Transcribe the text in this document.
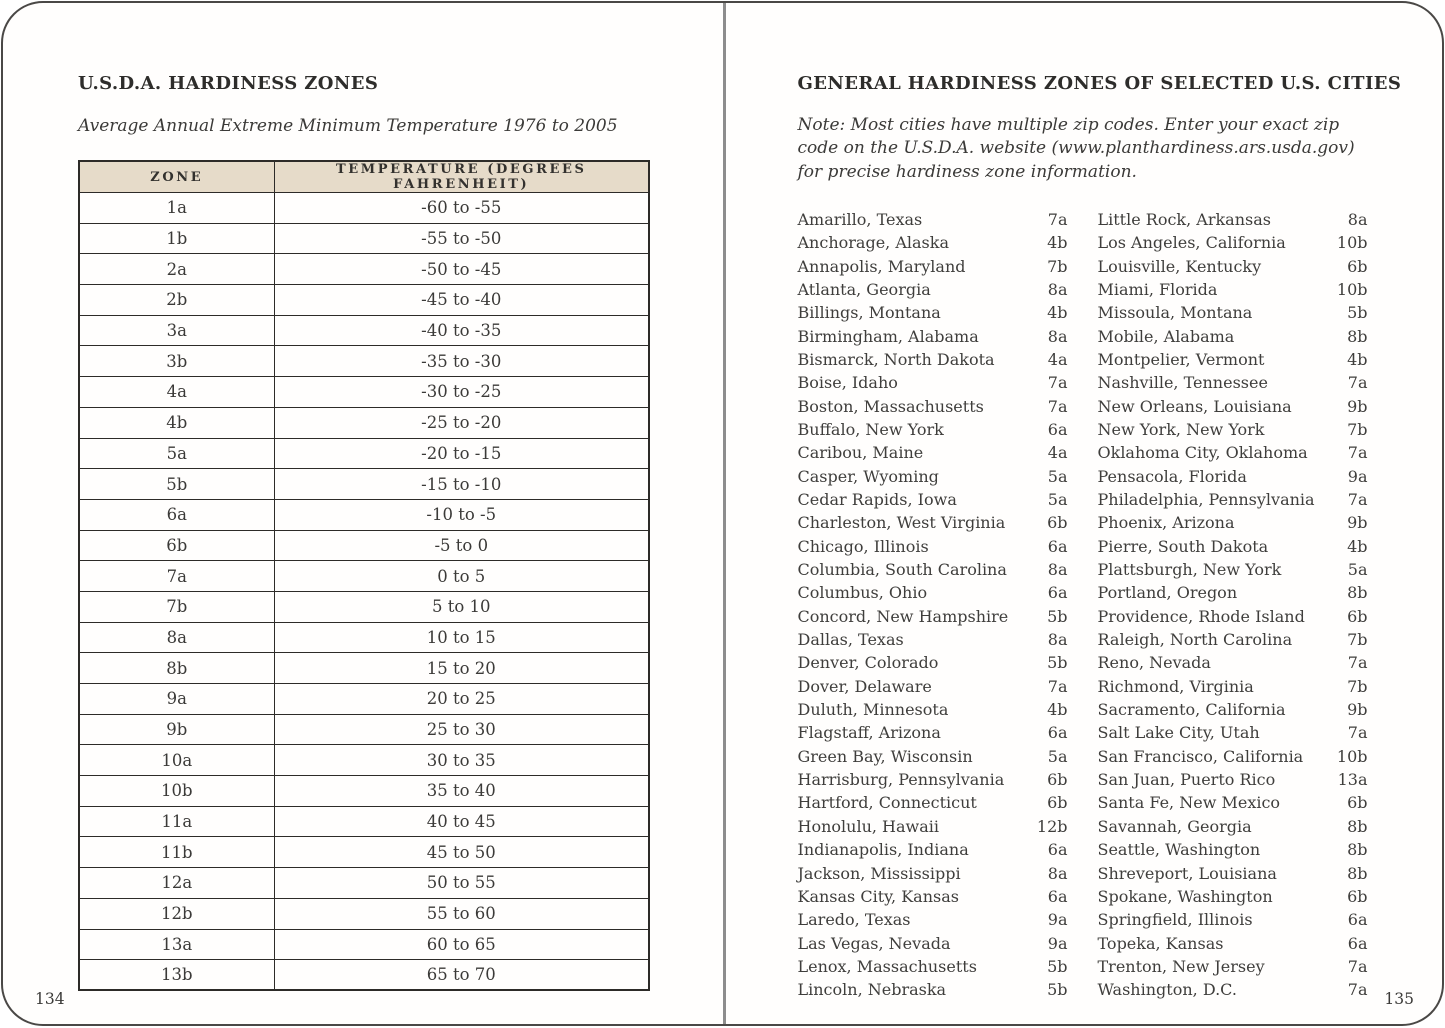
U.S.D.A. HARDINESS ZONES

Average Annual Extreme Minimum Temperature 1976 to 2005

ZONE	TEMPERATURE (DEGREES FAHRENHEIT)
1a	-60 to -55
1b	-55 to -50
2a	-50 to -45
2b	-45 to -40
3a	-40 to -35
3b	-35 to -30
4a	-30 to -25
4b	-25 to -20
5a	-20 to -15
5b	-15 to -10
6a	-10 to -5
6b	-5 to 0
7a	0 to 5
7b	5 to 10
8a	10 to 15
8b	15 to 20
9a	20 to 25
9b	25 to 30
10a	30 to 35
10b	35 to 40
11a	40 to 45
11b	45 to 50
12a	50 to 55
12b	55 to 60
13a	60 to 65
13b	65 to 70
134
GENERAL HARDINESS ZONES OF SELECTED U.S. CITIES

Note: Most cities have multiple zip codes. Enter your exact zip code on the U.S.D.A. website (www.planthardiness.ars.usda.gov) for precise hardiness zone information.

Amarillo, Texas	7a
Anchorage, Alaska	4b
Annapolis, Maryland	7b
Atlanta, Georgia	8a
Billings, Montana	4b
Birmingham, Alabama	8a
Bismarck, North Dakota	4a
Boise, Idaho	7a
Boston, Massachusetts	7a
Buffalo, New York	6a
Caribou, Maine	4a
Casper, Wyoming	5a
Cedar Rapids, Iowa	5a
Charleston, West Virginia	6b
Chicago, Illinois	6a
Columbia, South Carolina	8a
Columbus, Ohio	6a
Concord, New Hampshire 5b
Dallas, Texas	8a
Denver, Colorado	5b
Dover, Delaware	7a
Duluth, Minnesota	4b
Flagstaff, Arizona	6a
Green Bay, Wisconsin	5a
Harrisburg, Pennsylvania	6b
Hartford, Connecticut	6b
Honolulu, Hawaii	12b
Indianapolis, Indiana	6a
Jackson, Mississippi	8a
Kansas City, Kansas	6a
Laredo, Texas	9a
Las Vegas, Nevada	9a
Lenox, Massachusetts	5b
Lincoln, Nebraska	5b
Little Rock, Arkansas	8a
Los Angeles, California	10b
Louisville, Kentucky	6b
Miami, Florida	10b
Missoula, Montana	5b
Mobile, Alabama	8b
Montpelier, Vermont	4b
Nashville, Tennessee	7a
New Orleans, Louisiana	9b
New York, New York	7b
Oklahoma City, Oklahoma	7a
Pensacola, Florida	9a
Philadelphia, Pennsylvania 7a
Phoenix, Arizona	9b
Pierre, South Dakota	4b
Plattsburgh, New York	5a
Portland, Oregon	8b
Providence, Rhode Island	6b
Raleigh, North Carolina	7b
Reno, Nevada	7a
Richmond, Virginia	7b
Sacramento, California	9b
Salt Lake City, Utah	7a
San Francisco, California 10b
San Juan, Puerto Rico	13a
Santa Fe, New Mexico	6b
Savannah, Georgia	8b
Seattle, Washington	8b
Shreveport, Louisiana	8b
Spokane, Washington	6b
Springfield, Illinois	6a
Topeka, Kansas	6a
Trenton, New Jersey	7a
Washington, D.C.	7a 135
